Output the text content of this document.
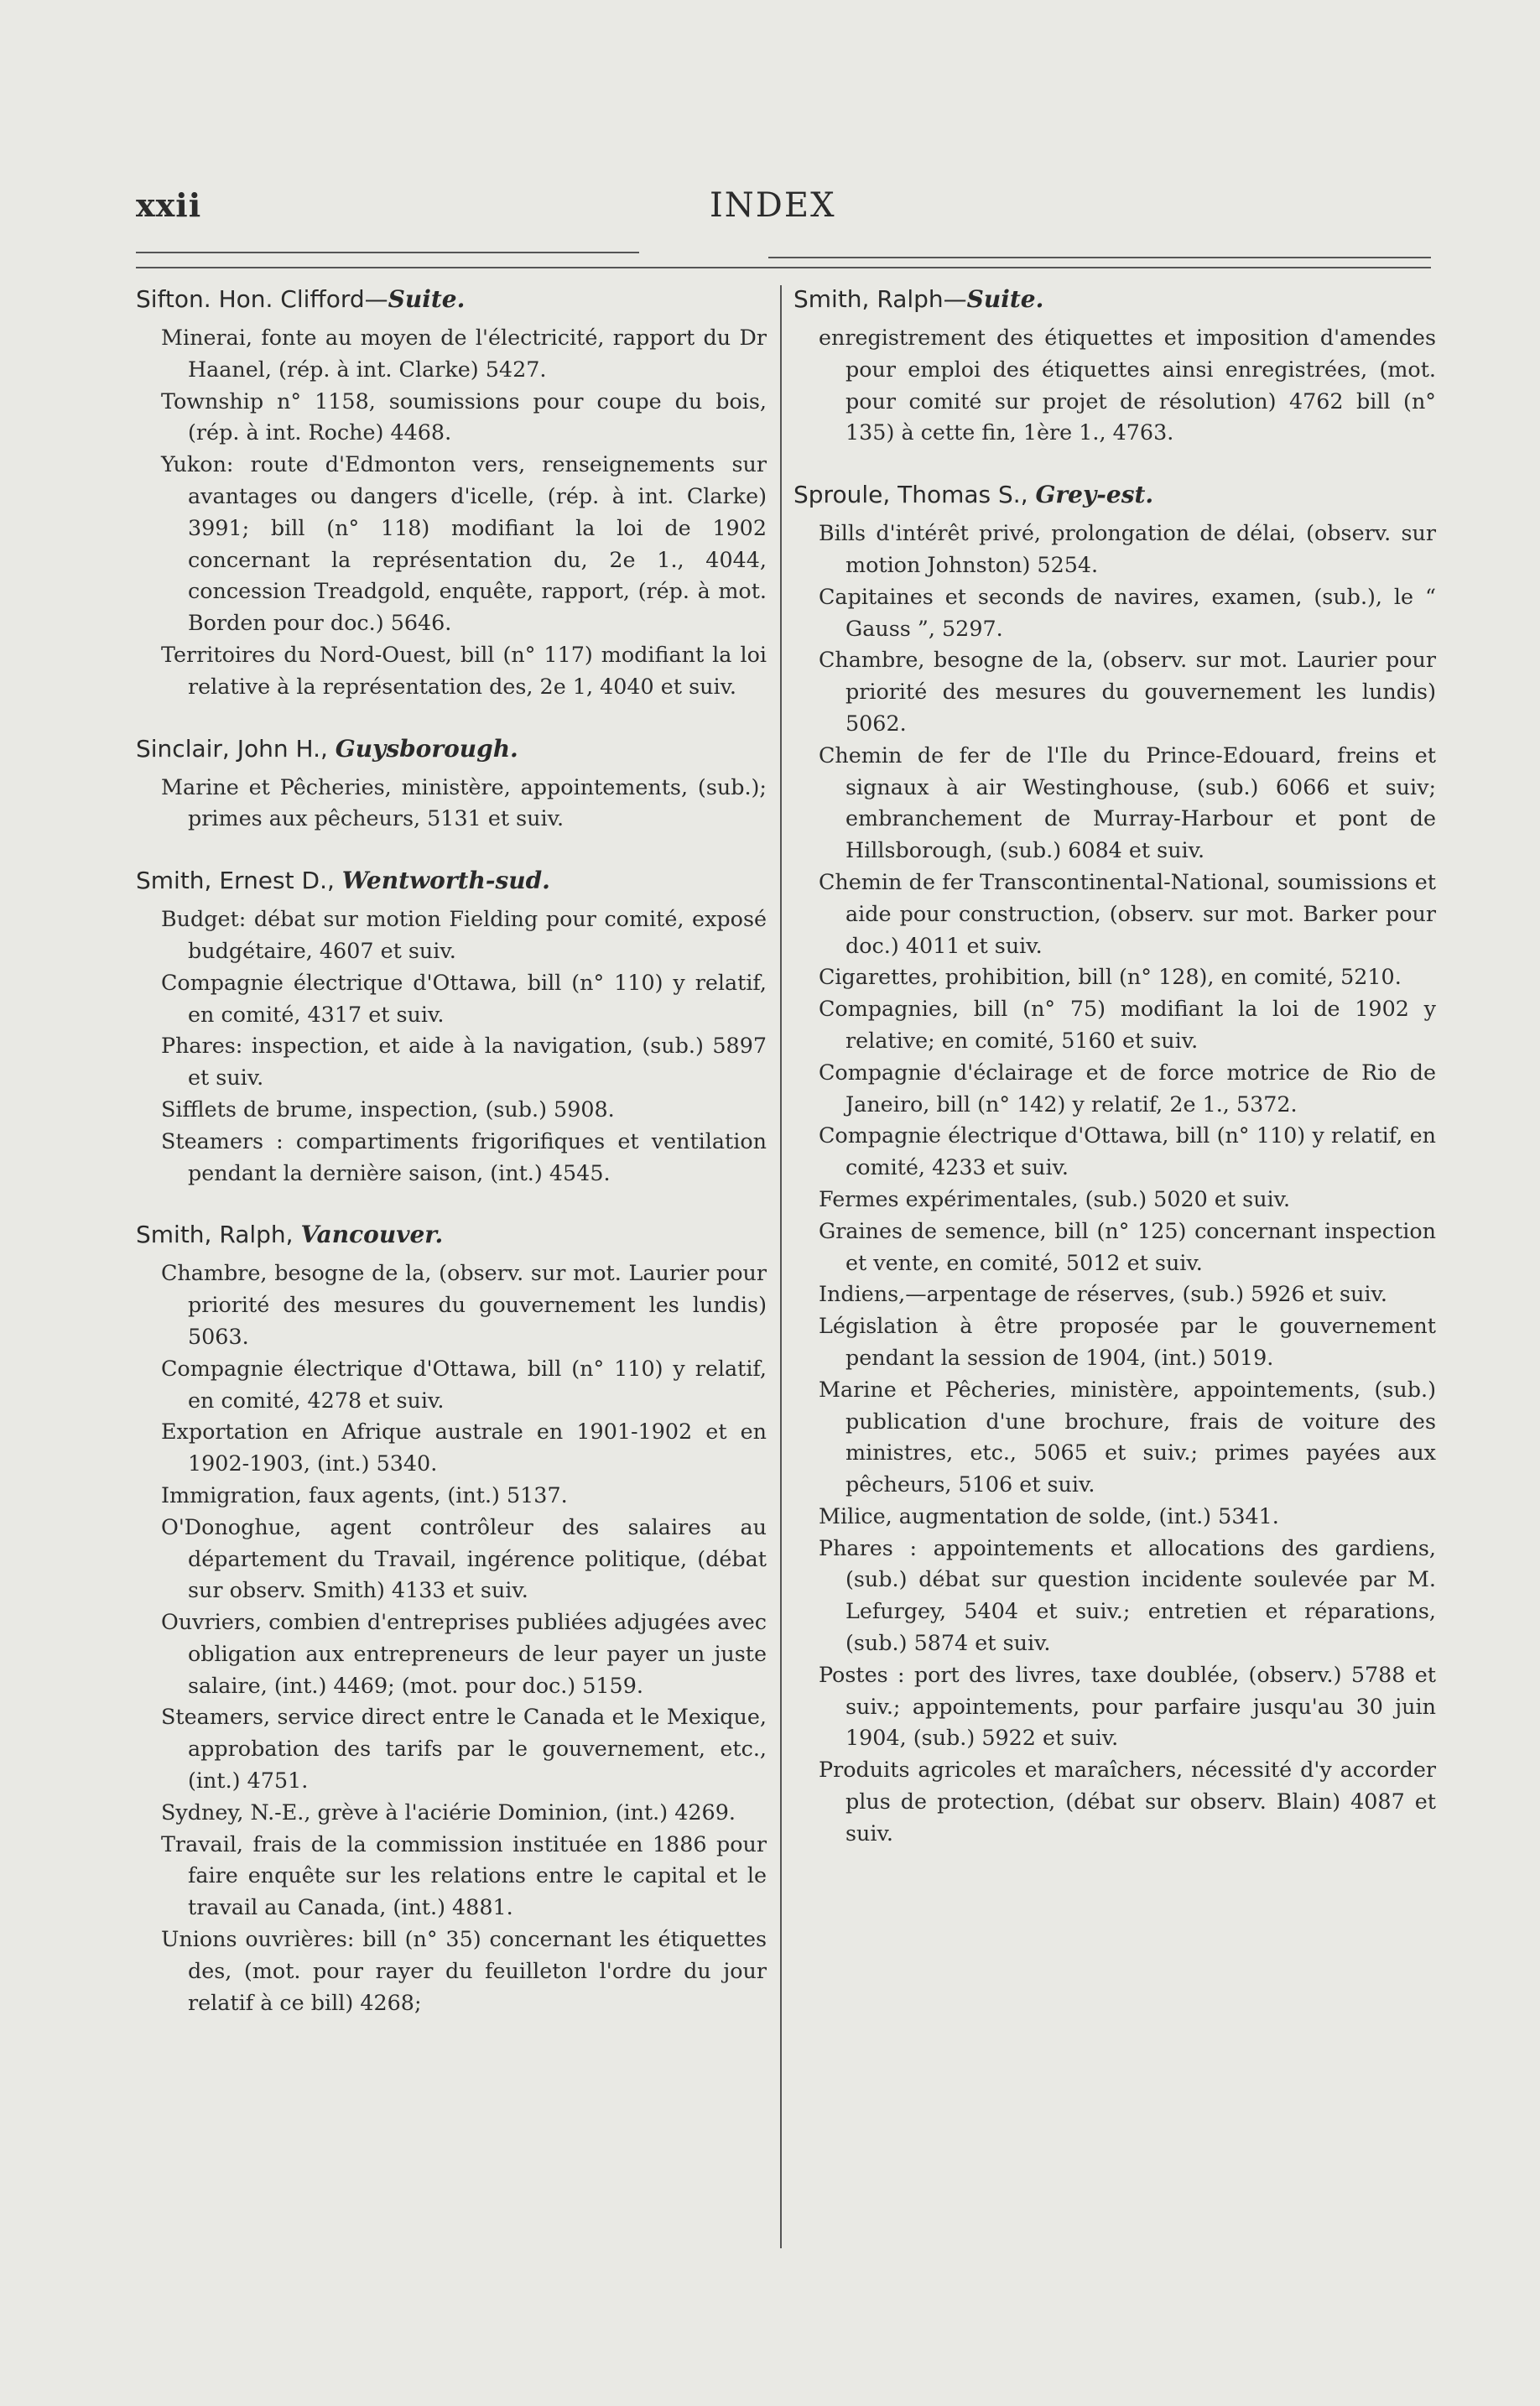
xxii	INDEX
Sifton. Hon. Clifford—Suite.
Minerai, fonte au moyen de l'électricité, rapport du Dr Haanel, (rép. à int. Clarke) 5427.
Township n° 1158, soumissions pour coupe du bois, (rép. à int. Roche) 4468.
Yukon: route d'Edmonton vers, renseignements sur avantages ou dangers d'icelle, (rép. à int. Clarke) 3991; bill (n° 118) modifiant la loi de 1902 concernant la représentation du, 2e 1., 4044, concession Treadgold, enquête, rapport, (rép. à mot. Borden pour doc.) 5646.
Territoires du Nord-Ouest, bill (n° 117) modifiant la loi relative à la représentation des, 2e 1, 4040 et suiv.
Sinclair, John H., Guysborough.
Marine et Pêcheries, ministère, appointements, (sub.); primes aux pêcheurs, 5131 et suiv.
Smith, Ernest D., Wentworth-sud.
Budget: débat sur motion Fielding pour comité, exposé budgétaire, 4607 et suiv.
Compagnie électrique d'Ottawa, bill (n° 110) y relatif, en comité, 4317 et suiv.
Phares: inspection, et aide à la navigation, (sub.) 5897 et suiv.
Sifflets de brume, inspection, (sub.) 5908.
Steamers : compartiments frigorifiques et ventilation pendant la dernière saison, (int.) 4545.
Smith, Ralph, Vancouver.
Chambre, besogne de la, (observ. sur mot. Laurier pour priorité des mesures du gouvernement les lundis) 5063.
Compagnie électrique d'Ottawa, bill (n° 110) y relatif, en comité, 4278 et suiv.
Exportation en Afrique australe en 1901-1902 et en 1902-1903, (int.) 5340.
Immigration, faux agents, (int.) 5137.
O'Donoghue, agent contrôleur des salaires au département du Travail, ingérence politique, (débat sur observ. Smith) 4133 et suiv.
Ouvriers, combien d'entreprises publiées adjugées avec obligation aux entrepreneurs de leur payer un juste salaire, (int.) 4469; (mot. pour doc.) 5159.
Steamers, service direct entre le Canada et le Mexique, approbation des tarifs par le gouvernement, etc., (int.) 4751.
Sydney, N.-E., grève à l'aciérie Dominion, (int.) 4269.
Travail, frais de la commission instituée en 1886 pour faire enquête sur les relations entre le capital et le travail au Canada, (int.) 4881.
Unions ouvrières: bill (n° 35) concernant les étiquettes des, (mot. pour rayer du feuilleton l'ordre du jour relatif à ce bill) 4268;
Smith, Ralph—Suite.
enregistrement des étiquettes et imposition d'amendes pour emploi des étiquettes ainsi enregistrées, (mot. pour comité sur projet de résolution) 4762 bill (n° 135) à cette fin, 1ère 1., 4763.
Sproule, Thomas S., Grey-est.
Bills d'intérêt privé, prolongation de délai, (observ. sur motion Johnston) 5254.
Capitaines et seconds de navires, examen, (sub.), le “ Gauss ”, 5297.
Chambre, besogne de la, (observ. sur mot. Laurier pour priorité des mesures du gouvernement les lundis) 5062.
Chemin de fer de l'Ile du Prince-Edouard, freins et signaux à air Westinghouse, (sub.) 6066 et suiv; embranchement de Murray-Harbour et pont de Hillsborough, (sub.) 6084 et suiv.
Chemin de fer Transcontinental-National, soumissions et aide pour construction, (observ. sur mot. Barker pour doc.) 4011 et suiv.
Cigarettes, prohibition, bill (n° 128), en comité, 5210.
Compagnies, bill (n° 75) modifiant la loi de 1902 y relative; en comité, 5160 et suiv.
Compagnie d'éclairage et de force motrice de Rio de Janeiro, bill (n° 142) y relatif, 2e 1., 5372.
Compagnie électrique d'Ottawa, bill (n° 110) y relatif, en comité, 4233 et suiv.
Fermes expérimentales, (sub.) 5020 et suiv.
Graines de semence, bill (n° 125) concernant inspection et vente, en comité, 5012 et suiv.
Indiens,—arpentage de réserves, (sub.) 5926 et suiv.
Législation à être proposée par le gouvernement pendant la session de 1904, (int.) 5019.
Marine et Pêcheries, ministère, appointements, (sub.) publication d'une brochure, frais de voiture des ministres, etc., 5065 et suiv.; primes payées aux pêcheurs, 5106 et suiv.
Milice, augmentation de solde, (int.) 5341.
Phares : appointements et allocations des gardiens, (sub.) débat sur question incidente soulevée par M. Lefurgey, 5404 et suiv.; entretien et réparations, (sub.) 5874 et suiv.
Postes : port des livres, taxe doublée, (observ.) 5788 et suiv.; appointements, pour parfaire jusqu'au 30 juin 1904, (sub.) 5922 et suiv.
Produits agricoles et maraîchers, nécessité d'y accorder plus de protection, (débat sur observ. Blain) 4087 et suiv.
